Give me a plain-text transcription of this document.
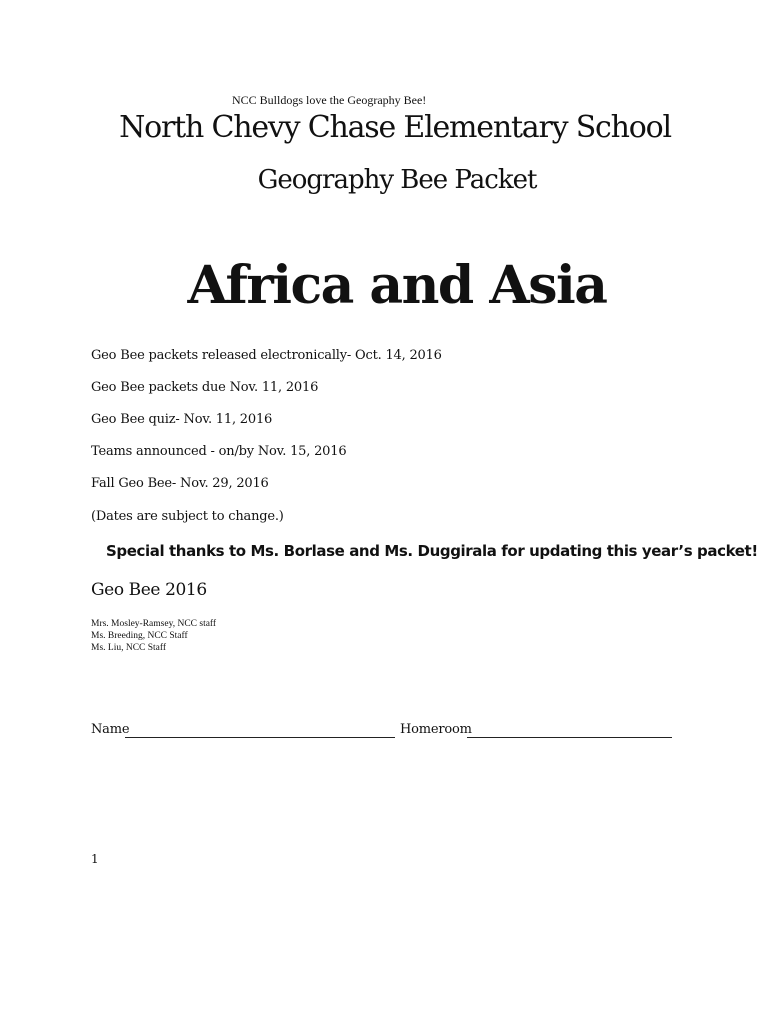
NCC Bulldogs love the Geography Bee!
North Chevy Chase Elementary School
Geography Bee Packet
Africa and Asia
Geo Bee packets released electronically- Oct. 14, 2016
Geo Bee packets due Nov. 11, 2016
Geo Bee quiz- Nov. 11, 2016
Teams announced - on/by Nov. 15, 2016
Fall Geo Bee- Nov. 29, 2016
(Dates are subject to change.)
Special thanks to Ms. Borlase and Ms. Duggirala for updating this year’s packet!
Geo Bee 2016
Mrs. Mosley-Ramsey, NCC staff
Ms. Breeding, NCC Staff
Ms. Liu, NCC Staff
Name	Homeroom
1
